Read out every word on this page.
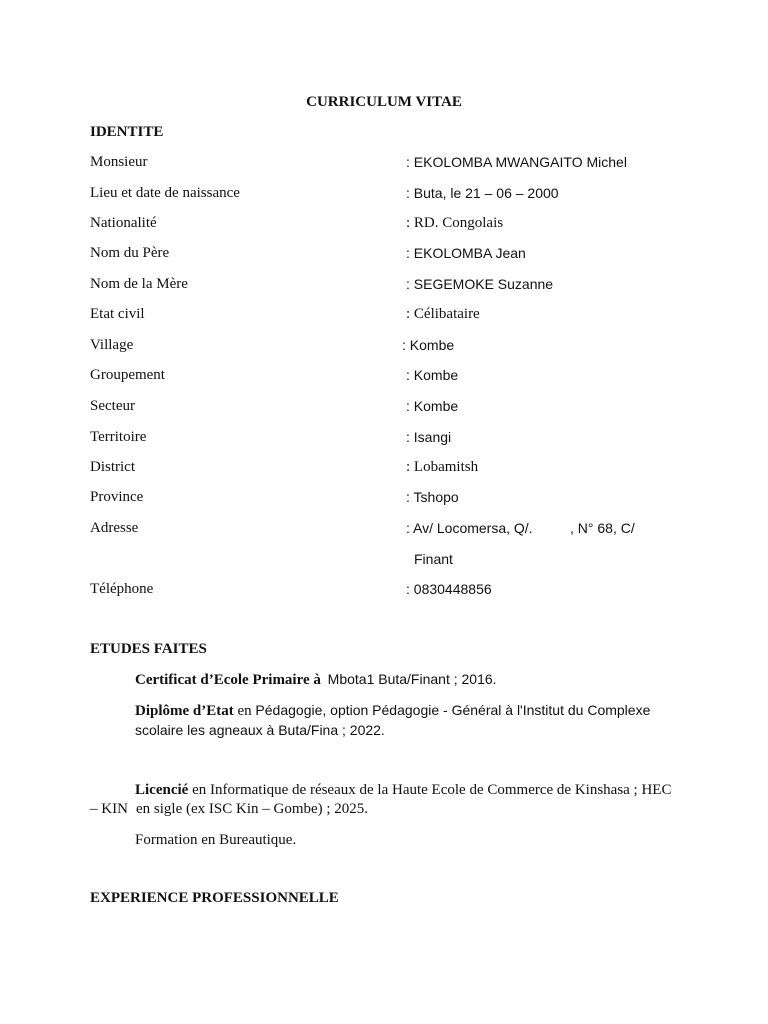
CURRICULUM VITAE
IDENTITE
Monsieur	: EKOLOMBA MWANGAITO Michel
Lieu et date de naissance	: Buta, le 21 – 06 – 2000
Nationalité	: RD. Congolais
Nom du Père	: EKOLOMBA Jean
Nom de la Mère	: SEGEMOKE Suzanne
Etat civil	: Célibataire
Village	: Kombe
Groupement	: Kombe
Secteur	: Kombe
Territoire	: Isangi
District	: Lobamitsh
Province	: Tshopo
Adresse	: Av/ Locomersa, Q/.	, N° 68, C/
Finant
Téléphone	: 0830448856
ETUDES FAITES
Certificat d’Ecole Primaire à Mbota1 Buta/Finant ; 2016.
Diplôme d’Etat en Pédagogie, option Pédagogie - Général à l'Institut du Complexe
scolaire les agneaux à Buta/Fina ; 2022.
Licencié en Informatique de réseaux de la Haute Ecole de Commerce de Kinshasa ; HEC
– KIN en sigle (ex ISC Kin – Gombe) ; 2025.
Formation en Bureautique.
EXPERIENCE PROFESSIONNELLE
